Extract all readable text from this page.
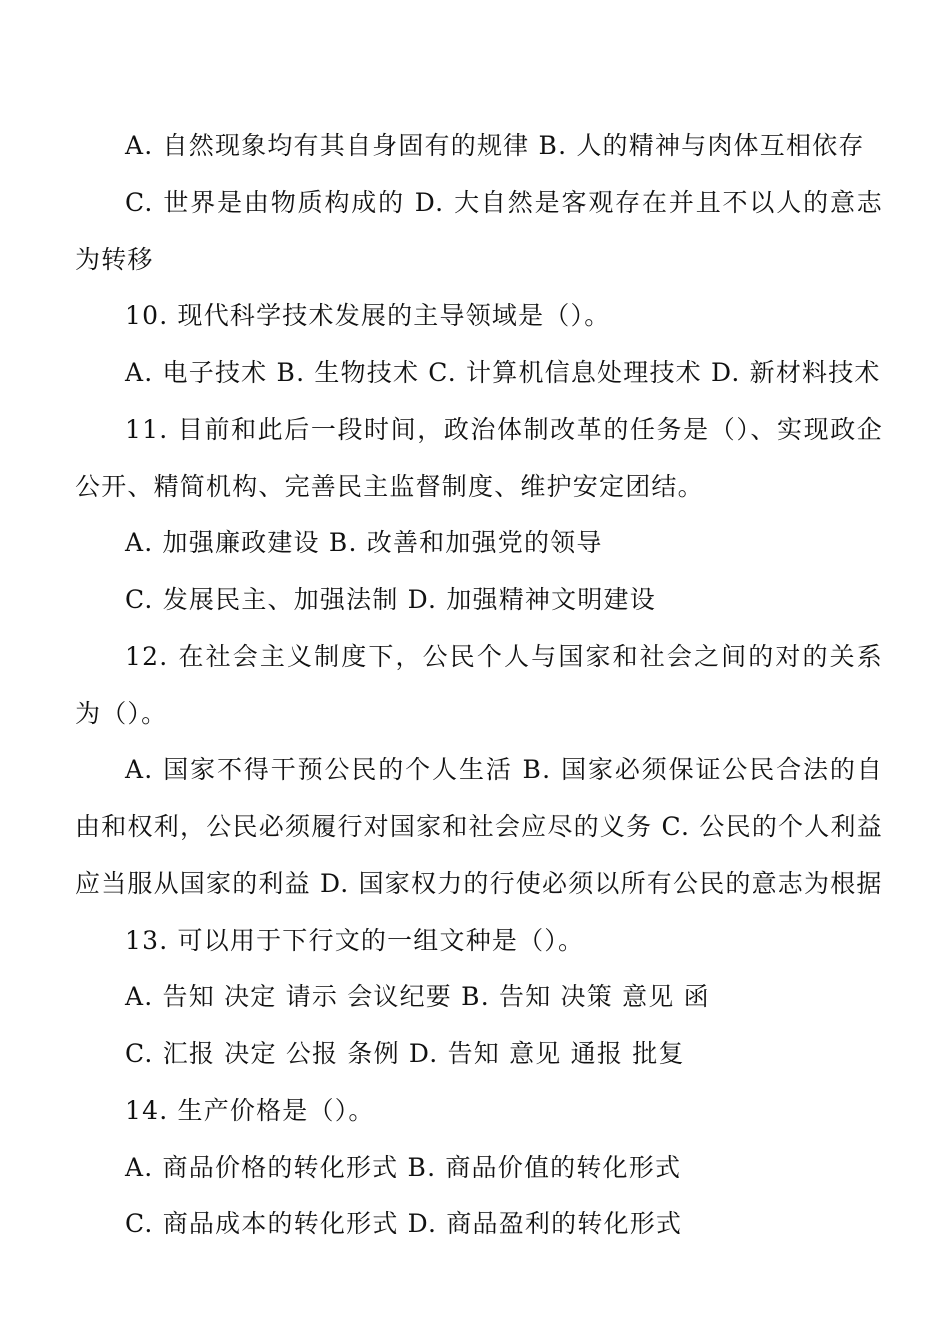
A. 自然现象均有其自身固有的规律 B. 人的精神与肉体互相依存

C. 世界是由物质构成的 D. 大自然是客观存在并且不以人的意志为转移

10. 现代科学技术发展的主导领域是（）。

A. 电子技术 B. 生物技术 C. 计算机信息处理技术 D. 新材料技术

11. 目前和此后一段时间，政治体制改革的任务是（）、实现政企公开、精简机构、完善民主监督制度、维护安定团结。

A. 加强廉政建设 B. 改善和加强党的领导

C. 发展民主、加强法制 D. 加强精神文明建设

12. 在社会主义制度下，公民个人与国家和社会之间的对的关系为（）。

A. 国家不得干预公民的个人生活 B. 国家必须保证公民合法的自由和权利，公民必须履行对国家和社会应尽的义务 C. 公民的个人利益应当服从国家的利益 D. 国家权力的行使必须以所有公民的意志为根据

13. 可以用于下行文的一组文种是（）。

A. 告知 决定 请示 会议纪要 B. 告知 决策 意见 函

C. 汇报 决定 公报 条例 D. 告知 意见 通报 批复

14. 生产价格是（）。

A. 商品价格的转化形式 B. 商品价值的转化形式

C. 商品成本的转化形式 D. 商品盈利的转化形式
